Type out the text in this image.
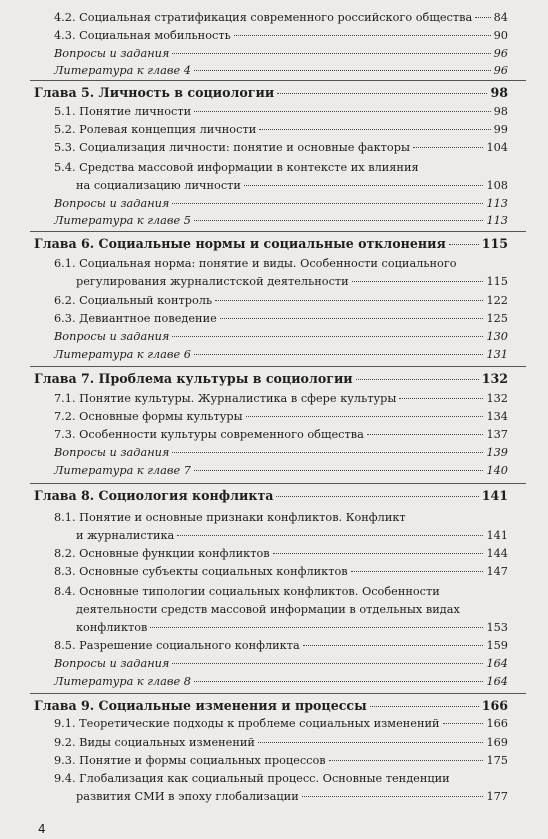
4.2. Социальная стратификация современного российского общества 84
4.3. Социальная мобильность	90
Вопросы и задания	96
Литература к главе 4	96
Глава 5. Личность в социологии	98
5.1. Понятие личности	98
5.2. Ролевая концепция личности	99
5.3. Социализация личности: понятие и основные факторы	104
5.4. Средства массовой информации в контексте их влияния
на социализацию личности	108
Вопросы и задания	113
Литература к главе 5	113
Глава 6. Социальные нормы и социальные отклонения	115
6.1. Социальная норма: понятие и виды. Особенности социального
регулирования журналистской деятельности	115
6.2. Социальный контроль	122
6.3. Девиантное поведение	125
Вопросы и задания	130
Литература к главе 6	131
Глава 7. Проблема культуры в социологии	132
7.1. Понятие культуры. Журналистика в сфере культуры	132
7.2. Основные формы культуры	134
7.3. Особенности культуры современного общества	137
Вопросы и задания	139
Литература к главе 7	140
Глава 8. Социология конфликта	141
8.1. Понятие и основные признаки конфликтов. Конфликт
и журналистика	141
8.2. Основные функции конфликтов	144
8.3. Основные субъекты социальных конфликтов	147
8.4. Основные типологии социальных конфликтов. Особенности
деятельности средств массовой информации в отдельных видах
конфликтов	153
8.5. Разрешение социального конфликта	159
Вопросы и задания	164
Литература к главе 8	164
Глава 9. Социальные изменения и процессы	166
9.1. Теоретические подходы к проблеме социальных изменений	166
9.2. Виды социальных изменений	169
9.3. Понятие и формы социальных процессов	175
9.4. Глобализация как социальный процесс. Основные тенденции
развития СМИ в эпоху глобализации	177
4
